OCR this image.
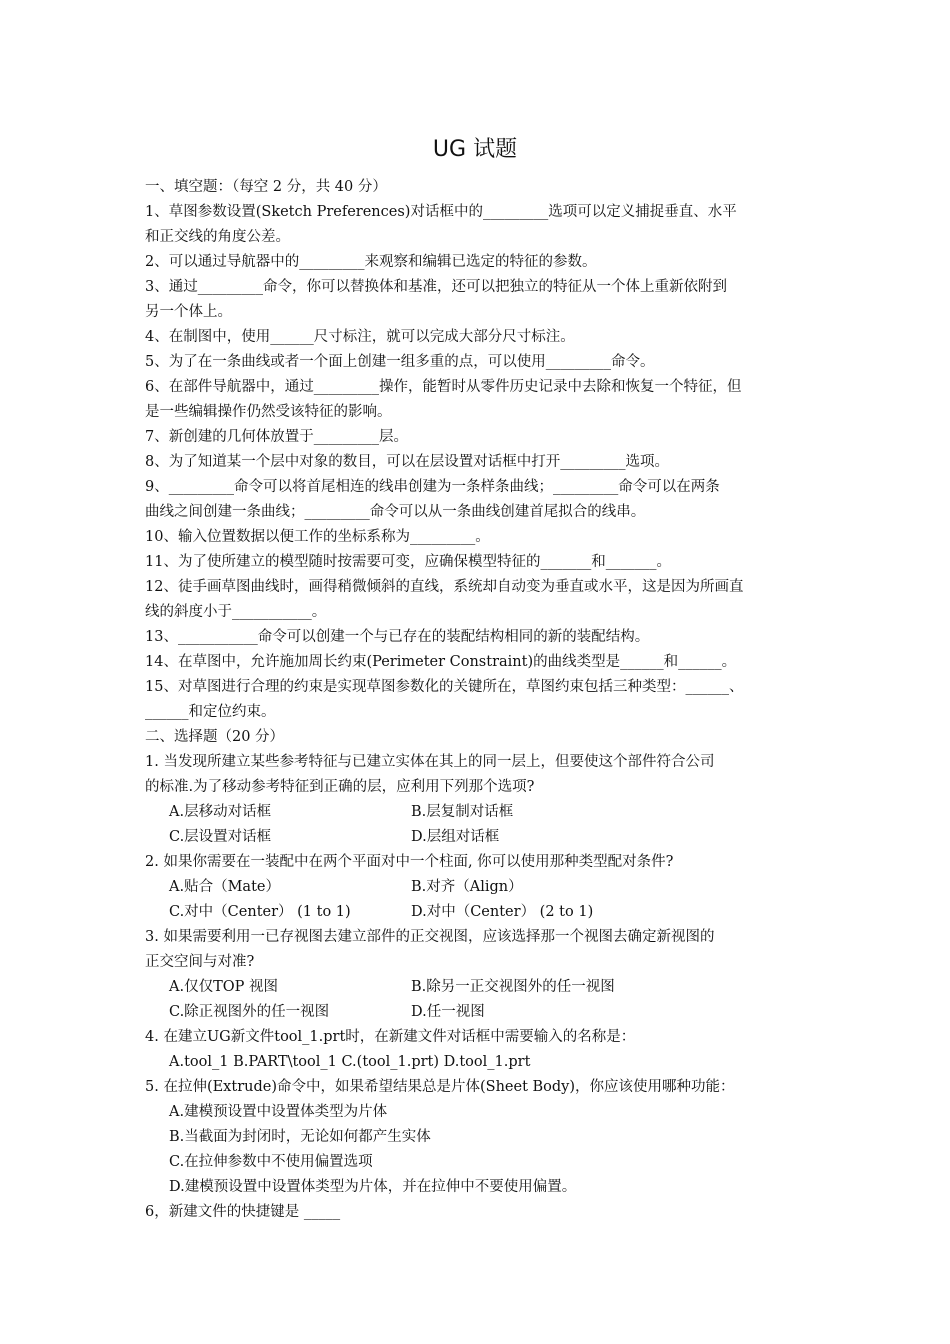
UG 试题
一、填空题：（每空 2 分，共 40 分）
1、草图参数设置(Sketch Preferences)对话框中的_________选项可以定义捕捉垂直、水平
和正交线的角度公差。
2、可以通过导航器中的_________来观察和编辑已选定的特征的参数。
3、通过_________命令，你可以替换体和基准，还可以把独立的特征从一个体上重新依附到
另一个体上。
4、在制图中，使用______尺寸标注，就可以完成大部分尺寸标注。
5、为了在一条曲线或者一个面上创建一组多重的点，可以使用_________命令。
6、在部件导航器中，通过_________操作，能暂时从零件历史记录中去除和恢复一个特征，但
是一些编辑操作仍然受该特征的影响。
7、新创建的几何体放置于_________层。
8、为了知道某一个层中对象的数目，可以在层设置对话框中打开_________选项。
9、_________命令可以将首尾相连的线串创建为一条样条曲线；_________命令可以在两条
曲线之间创建一条曲线；_________命令可以从一条曲线创建首尾拟合的线串。
10、输入位置数据以便工作的坐标系称为_________。
11、为了使所建立的模型随时按需要可变，应确保模型特征的_______和_______。
12、徒手画草图曲线时，画得稍微倾斜的直线，系统却自动变为垂直或水平，这是因为所画直
线的斜度小于___________。
13、___________命令可以创建一个与已存在的装配结构相同的新的装配结构。
14、在草图中，允许施加周长约束(Perimeter Constraint)的曲线类型是______和______。
15、对草图进行合理的约束是实现草图参数化的关键所在，草图约束包括三种类型：______、
______和定位约束。
二、选择题（20 分）
1. 当发现所建立某些参考特征与已建立实体在其上的同一层上，但要使这个部件符合公司
的标准.为了移动参考特征到正确的层，应利用下列那个选项?
A.层移动对话框	B.层复制对话框
C.层设置对话框	D.层组对话框
2. 如果你需要在一装配中在两个平面对中一个柱面, 你可以使用那种类型配对条件?
A.贴合（Mate）	B.对齐（Align）
C.对中（Center） (1 to 1)	D.对中（Center） (2 to 1)
3. 如果需要利用一已存视图去建立部件的正交视图，应该选择那一个视图去确定新视图的
正交空间与对准?
A.仅仅TOP 视图	B.除另一正交视图外的任一视图
C.除正视图外的任一视图	D.任一视图
4. 在建立UG新文件tool_1.prt时，在新建文件对话框中需要输入的名称是：
A.tool_1 B.PART\tool_1 C.(tool_1.prt) D.tool_1.prt
5. 在拉伸(Extrude)命令中，如果希望结果总是片体(Sheet Body)，你应该使用哪种功能：
A.建模预设置中设置体类型为片体
B.当截面为封闭时，无论如何都产生实体
C.在拉伸参数中不使用偏置选项
D.建模预设置中设置体类型为片体，并在拉伸中不要使用偏置。
6，新建文件的快捷键是 _____
